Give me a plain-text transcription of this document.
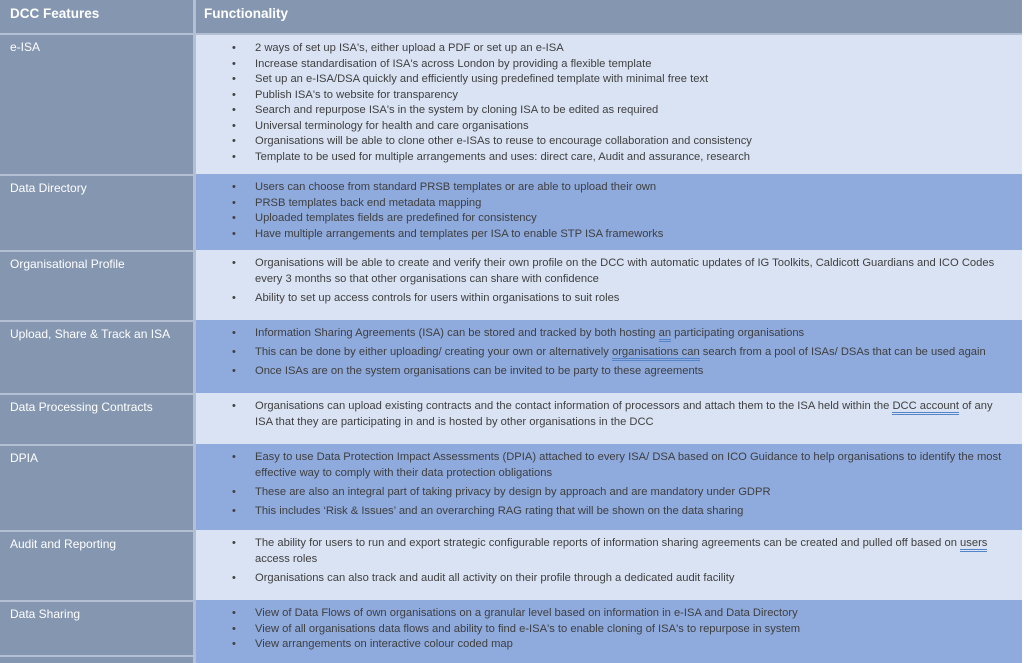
DCC Features	Functionality
e-ISA	•	2 ways of set up ISA's, either upload a PDF or set up an e-ISA
•	Increase standardisation of ISA's across London by providing a flexible template
•	Set up an e-ISA/DSA quickly and efficiently using predefined template with minimal free text
•	Publish ISA's to website for transparency
•	Search and repurpose ISA's in the system by cloning ISA to be edited as required
•	Universal terminology for health and care organisations
•	Organisations will be able to clone other e-ISAs to reuse to encourage collaboration and consistency
•	Template to be used for multiple arrangements and uses: direct care, Audit and assurance, research
Data Directory	•	Users can choose from standard PRSB templates or are able to upload their own
•	PRSB templates back end metadata mapping
•	Uploaded templates fields are predefined for consistency
•	Have multiple arrangements and templates per ISA to enable STP ISA frameworks
Organisational Profile	•	Organisations will be able to create and verify their own profile on the DCC with automatic updates of IG Toolkits, Caldicott Guardians and ICO Codes every 3 months so that other organisations can share with confidence
•	Ability to set up access controls for users within organisations to suit roles
Upload, Share & Track an ISA	•	Information Sharing Agreements (ISA) can be stored and tracked by both hosting an participating organisations
•	This can be done by either uploading/ creating your own or alternatively organisations can search from a pool of ISAs/ DSAs that can be used again
•	Once ISAs are on the system organisations can be invited to be party to these agreements
Data Processing Contracts	•	Organisations can upload existing contracts and the contact information of processors and attach them to the ISA held within the DCC account of any ISA that they are participating in and is hosted by other organisations in the DCC
DPIA	•	Easy to use Data Protection Impact Assessments (DPIA) attached to every ISA/ DSA based on ICO Guidance to help organisations to identify the most effective way to comply with their data protection obligations
•	These are also an integral part of taking privacy by design by approach and are mandatory under GDPR
•	This includes ‘Risk & Issues’ and an overarching RAG rating that will be shown on the data sharing
Audit and Reporting	•	The ability for users to run and export strategic configurable reports of information sharing agreements can be created and pulled off based on users access roles
•	Organisations can also track and audit all activity on their profile through a dedicated audit facility
Data Sharing	•	View of Data Flows of own organisations on a granular level based on information in e-ISA and Data Directory
•	View of all organisations data flows and ability to find e-ISA's to enable cloning of ISA's to repurpose in system
•	View arrangements on interactive colour coded map
